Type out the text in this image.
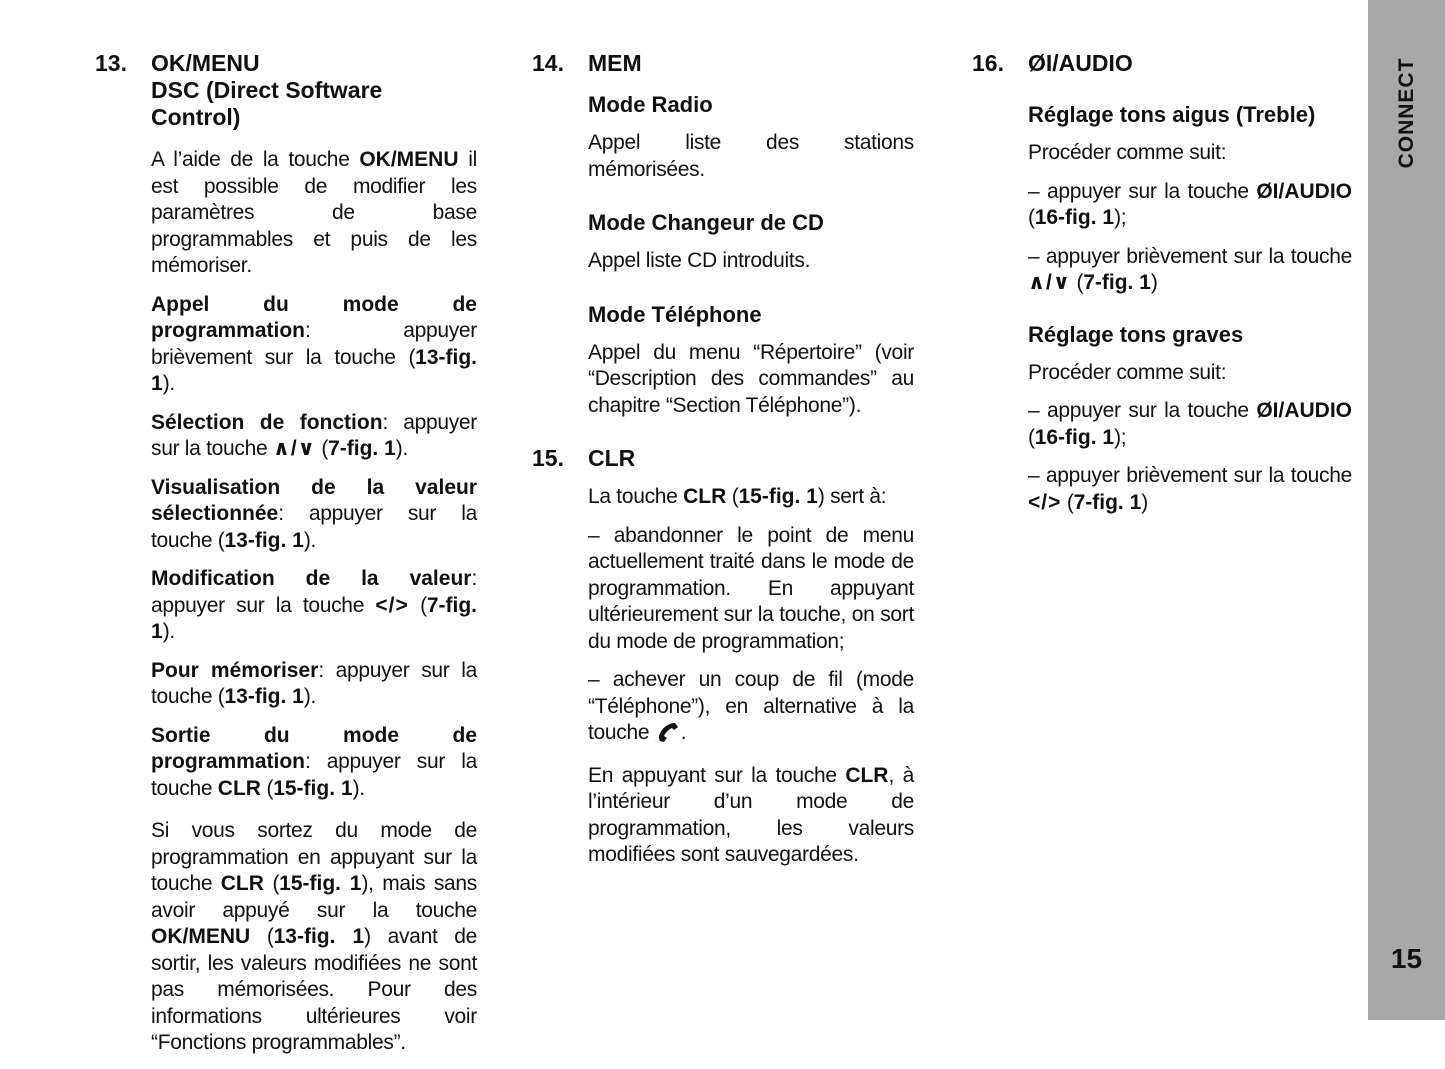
13. OK/MENU
DSC (Direct Software
Control)

A l’aide de la touche OK/MENU il est possible de modifier les paramètres de base programmables et puis de les mémoriser.

Appel du mode de programmation: appuyer brièvement sur la touche (13-fig. 1).

Sélection de fonction: appuyer sur la touche ∧/∨ (7-fig. 1).

Visualisation de la valeur sélectionnée: appuyer sur la touche (13-fig. 1).

Modification de la valeur: appuyer sur la touche </> (7-fig. 1).

Pour mémoriser: appuyer sur la touche (13-fig. 1).

Sortie du mode de programmation: appuyer sur la touche CLR (15-fig. 1).

Si vous sortez du mode de programmation en appuyant sur la touche CLR (15-fig. 1), mais sans avoir appuyé sur la touche OK/MENU (13-fig. 1) avant de sortir, les valeurs modifiées ne sont pas mémorisées. Pour des informations ultérieures voir “Fonctions programmables”.

14. MEM

Mode Radio

Appel liste des stations mémorisées.

Mode Changeur de CD

Appel liste CD introduits.

Mode Téléphone

Appel du menu “Répertoire” (voir “Description des commandes” au chapitre “Section Téléphone”).

15. CLR

La touche CLR (15-fig. 1) sert à:

– abandonner le point de menu actuellement traité dans le mode de programmation. En appuyant ultérieurement sur la touche, on sort du mode de programmation;

– achever un coup de fil (mode “Téléphone”), en alternative à la touche .

En appuyant sur la touche CLR, à l’intérieur d’un mode de programmation, les valeurs modifiées sont sauvegardées.

16. ØI/AUDIO

Réglage tons aigus (Treble)

Procéder comme suit:

– appuyer sur la touche ØI/AUDIO (16-fig. 1);

– appuyer brièvement sur la touche ∧/∨ (7-fig. 1)

Réglage tons graves

Procéder comme suit:

– appuyer sur la touche ØI/AUDIO (16-fig. 1);

– appuyer brièvement sur la touche </> (7-fig. 1)

CONNECT
15
